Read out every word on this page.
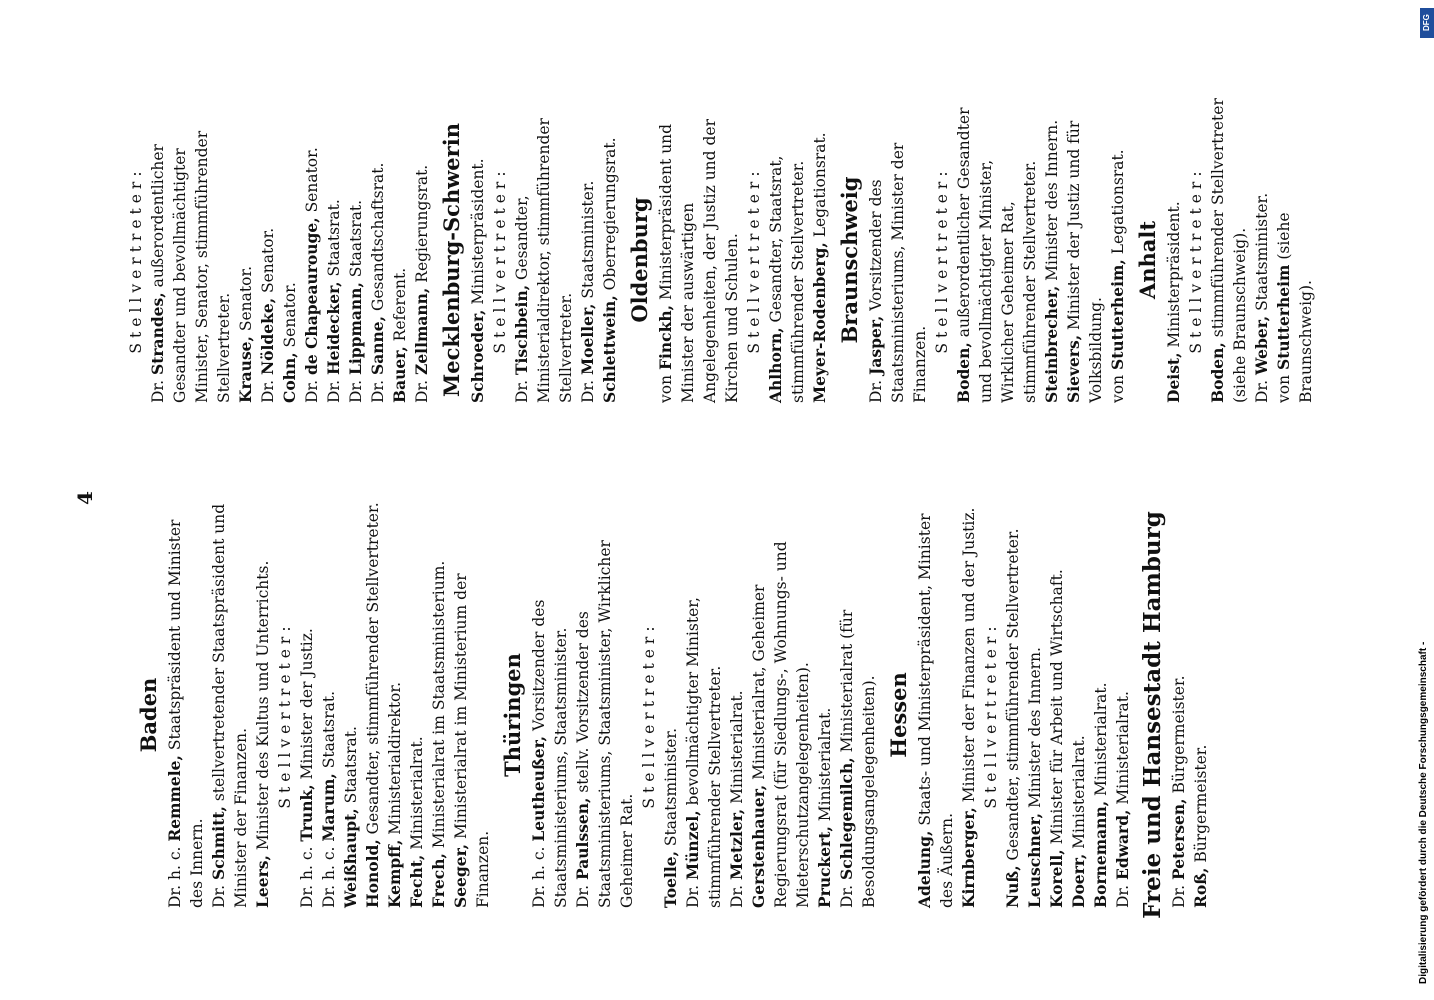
4
Baden
Dr. h. c. Remmele, Staatspräsident und Minister des Innern. Dr. Schmitt, stellvertretender Staatspräsident und Minister der Finanzen. Leers, Minister des Kultus und Unterrichts. Stellvertreter:
Dr. h. c. Trunk, Minister der Justiz.
Dr. h. c. Marum, Staatsrat.
Weißhaupt, Staatsrat.
Honold, Gesandter, stimmführender Stellvertreter.
Kempff, Ministerialdirektor.
Fecht, Ministerialrat.
Frech, Ministerialrat im Staatsministerium.
Seeger, Ministerialrat im Ministerium der Finanzen.
Thüringen
Dr. h. c. Leutheußer, Vorsitzender des Staatsministeriums, Staatsminister. Dr. Paulssen, stellv. Vorsitzender des Staatsministeriums, Staatsminister, Wirklicher Geheimer Rat.
Stellvertreter:
Toelle, Staatsminister.
Dr. Münzel, bevollmächtigter Minister, stimmführender Stellvertreter. Dr. Metzler, Ministerialrat.
Gerstenhauer, Ministerialrat, Geheimer Regierungsrat (für Siedlungs-, Wohnungs- und Mieterschutzangelegenheiten). Pruckert, Ministerialrat.
Dr. Schlegemilch, Ministerialrat (für Besoldungsangelegenheiten). Hessen
Adelung, Staats- und Ministerpräsident, Minister des Äußern. Kirnberger, Minister der Finanzen und der Justiz. Stellvertreter:
Nuß, Gesandter, stimmführender Stellvertreter. Leuschner, Minister des Innern.
Korell, Minister für Arbeit und Wirtschaft.
Doerr, Ministerialrat.
Bornemann, Ministerialrat.
Dr. Edward, Ministerialrat. Freie und Hansestadt Hamburg Dr. Petersen, Bürgermeister.
Roß, Bürgermeister.
Stellvertreter:
Dr. Strandes, außerordentlicher Gesandter und bevollmächtigter Minister, Senator, stimmführender Stellvertreter. Krause, Senator.
Dr. Nöldeke, Senator.
Cohn, Senator.
Dr. de Chapeaurouge, Senator.
Dr. Heidecker, Staatsrat.
Dr. Lippmann, Staatsrat.
Dr. Sanne, Gesandtschaftsrat.
Bauer, Referent.
Dr. Zellmann, Regierungsrat. Mecklenburg-Schwerin Schroeder, Ministerpräsident. Stellvertreter:
Dr. Tischbein, Gesandter, Ministerialdirektor, stimmführender Stellvertreter. Dr. Moeller, Staatsminister.
Schlettwein, Oberregierungsrat. Oldenburg
von Finckh, Ministerpräsident und Minister der auswärtigen Angelegenheiten, der Justiz und der Kirchen und Schulen. Stellvertreter:
Ahlhorn, Gesandter, Staatsrat, stimmführender Stellvertreter. Meyer-Rodenberg, Legationsrat. Braunschweig
Dr. Jasper, Vorsitzender des Staatsministeriums, Minister der Finanzen.
Stellvertreter:
Boden, außerordentlicher Gesandter und bevollmächtigter Minister, Wirklicher Geheimer Rat, stimmführender Stellvertreter. Steinbrecher, Minister des Innern.
Sievers, Minister der Justiz und für Volksbildung. von Stutterheim, Legationsrat.
Anhalt
Deist, Ministerpräsident. Stellvertreter:
Boden, stimmführender Stellvertreter (siehe Braunschweig). Dr. Weber, Staatsminister.
von Stutterheim (siehe Braunschweig).
Digitalisierung gefördert durch die Deutsche Forschungsgemeinschaft -
DFG
